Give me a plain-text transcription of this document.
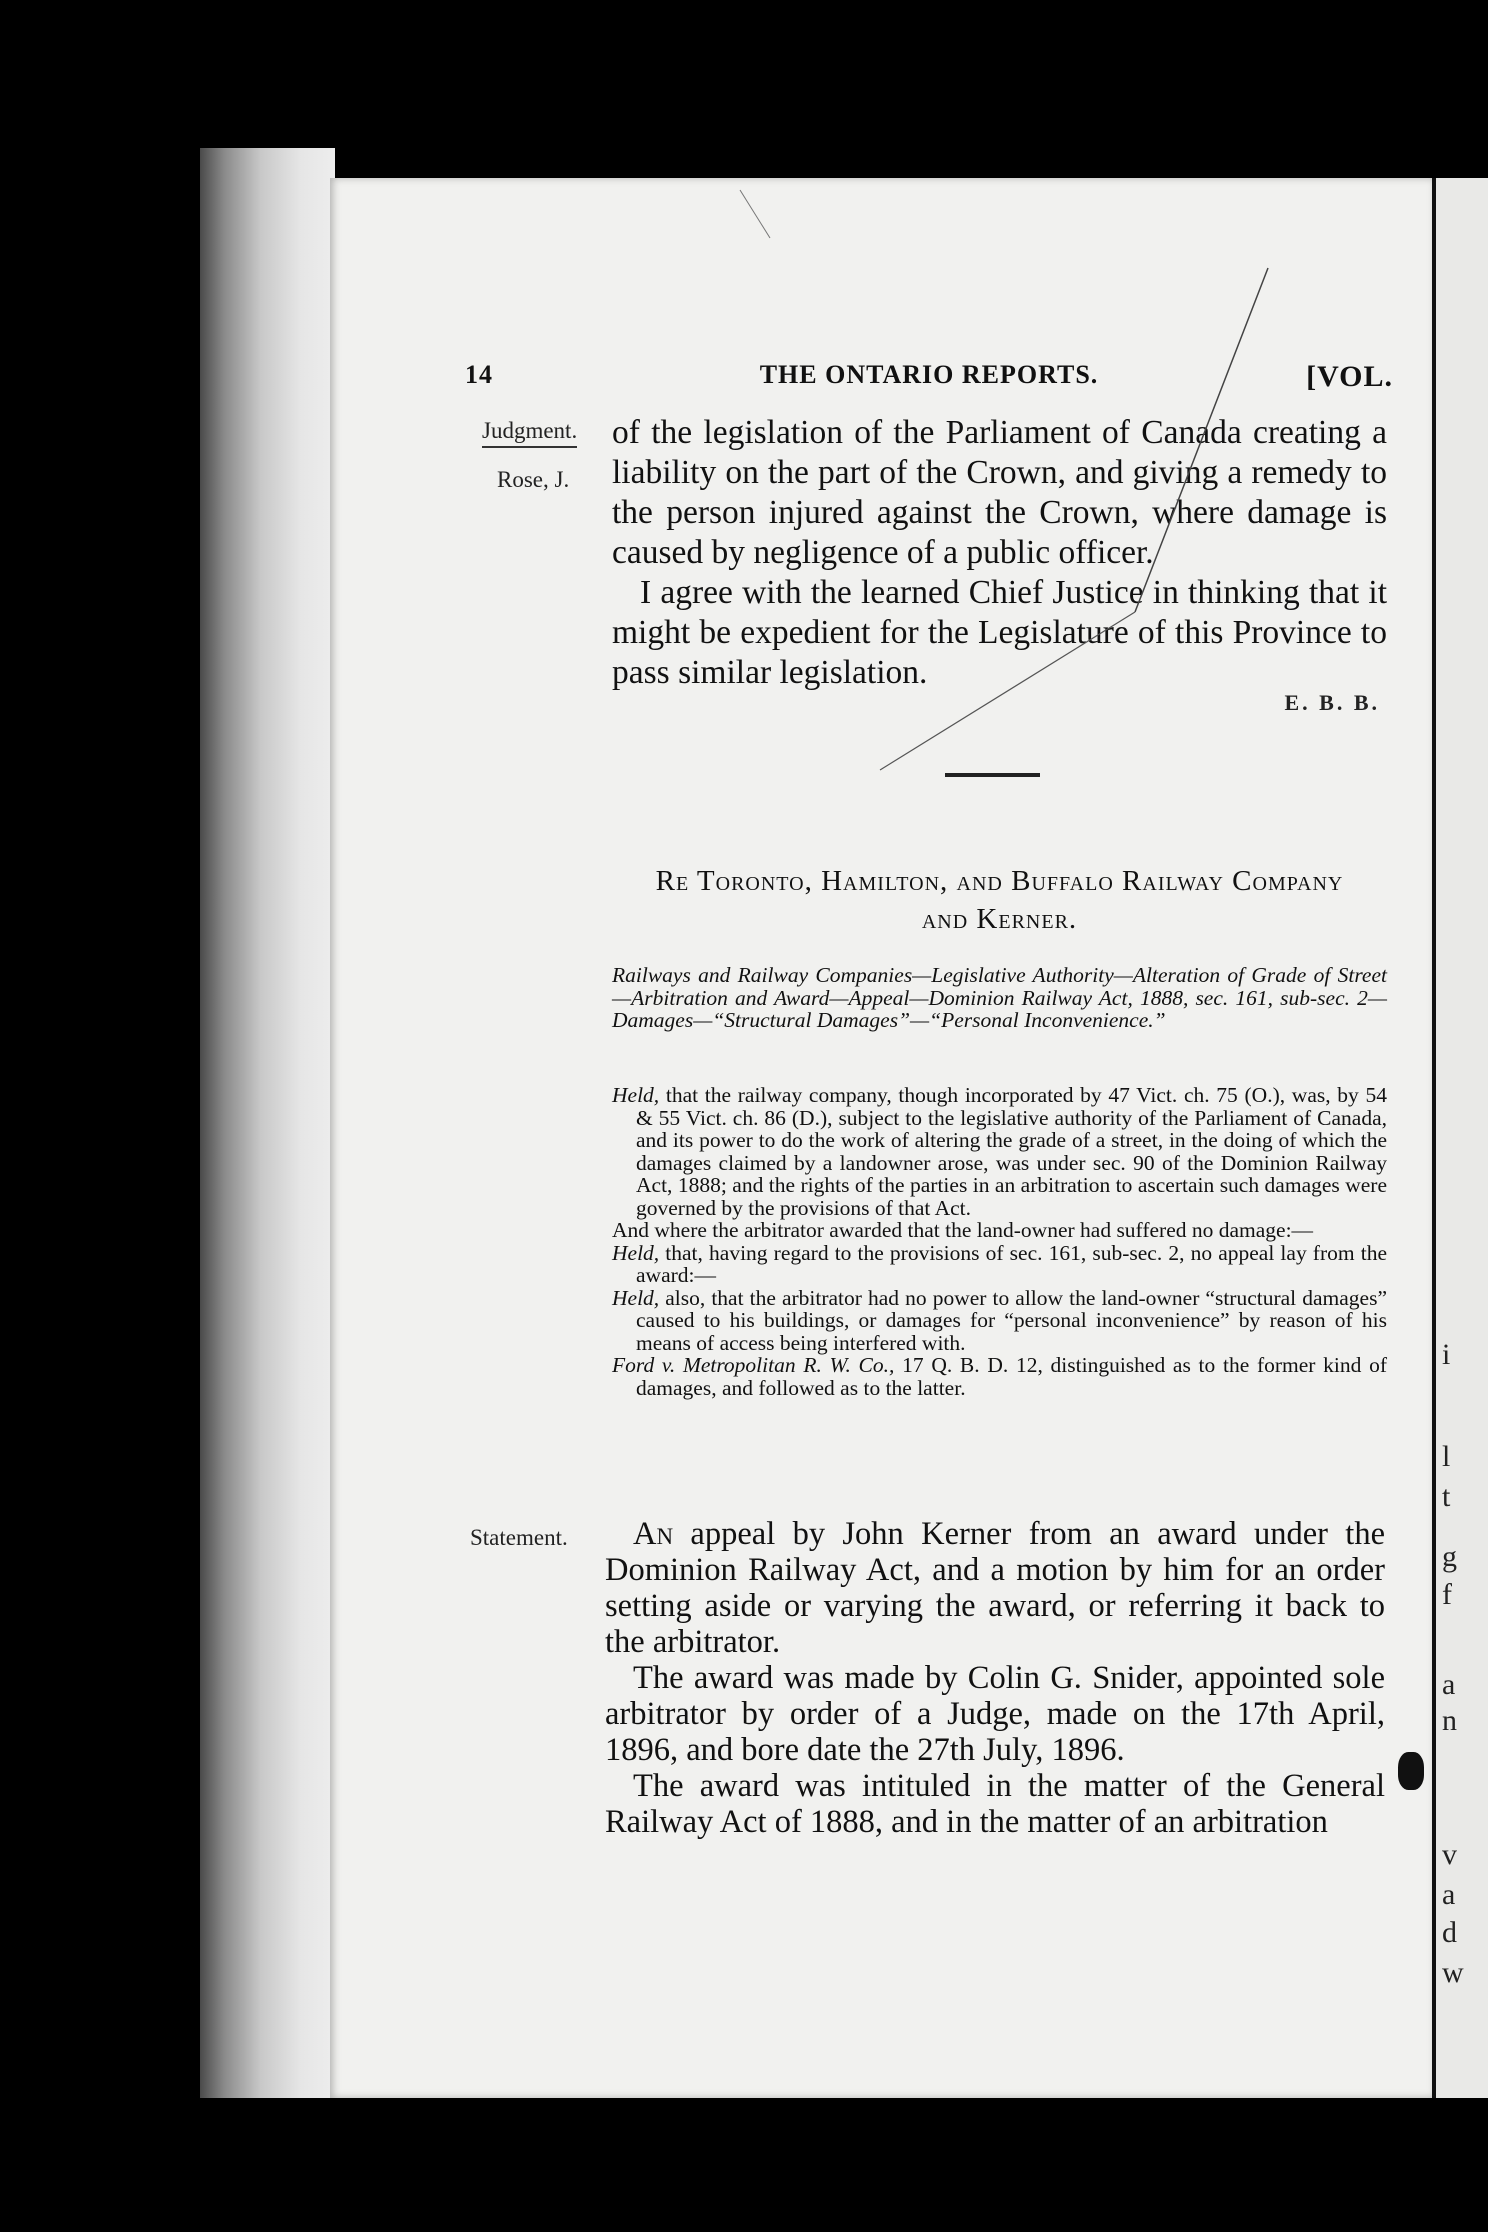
i
l
t
g
f
a
n
v
a
d
w
14	THE ONTARIO REPORTS.	[VOL.
Judgment.
Rose, J.
Statement.

of the legislation of the Parliament of Canada creating a liability on the part of the Crown, and giving a remedy to the person injured against the Crown, where damage is caused by negligence of a public officer.

I agree with the learned Chief Justice in thinking that it might be expedient for the Legislature of this Province to pass similar legislation.

E. B. B.
Re Toronto, Hamilton, and Buffalo Railway Company
and Kerner.
Railways and Railway Companies—Legislative Authority—Alteration of Grade of Street—Arbitration and Award—Appeal—Dominion Railway Act, 1888, sec. 161, sub-sec. 2—Damages—“Structural Damages”—“Personal Inconvenience.”

Held, that the railway company, though incorporated by 47 Vict. ch. 75 (O.), was, by 54 & 55 Vict. ch. 86 (D.), subject to the legislative authority of the Parliament of Canada, and its power to do the work of altering the grade of a street, in the doing of which the damages claimed by a landowner arose, was under sec. 90 of the Dominion Railway Act, 1888; and the rights of the parties in an arbitration to ascertain such damages were governed by the provisions of that Act.

And where the arbitrator awarded that the land-owner had suffered no damage:—

Held, that, having regard to the provisions of sec. 161, sub-sec. 2, no appeal lay from the award:—

Held, also, that the arbitrator had no power to allow the land-owner “structural damages” caused to his buildings, or damages for “personal inconvenience” by reason of his means of access being interfered with.

Ford v. Metropolitan R. W. Co., 17 Q. B. D. 12, distinguished as to the former kind of damages, and followed as to the latter.

An appeal by John Kerner from an award under the Dominion Railway Act, and a motion by him for an order setting aside or varying the award, or referring it back to the arbitrator.

The award was made by Colin G. Snider, appointed sole arbitrator by order of a Judge, made on the 17th April, 1896, and bore date the 27th July, 1896.

The award was intituled in the matter of the General Railway Act of 1888, and in the matter of an arbitration
